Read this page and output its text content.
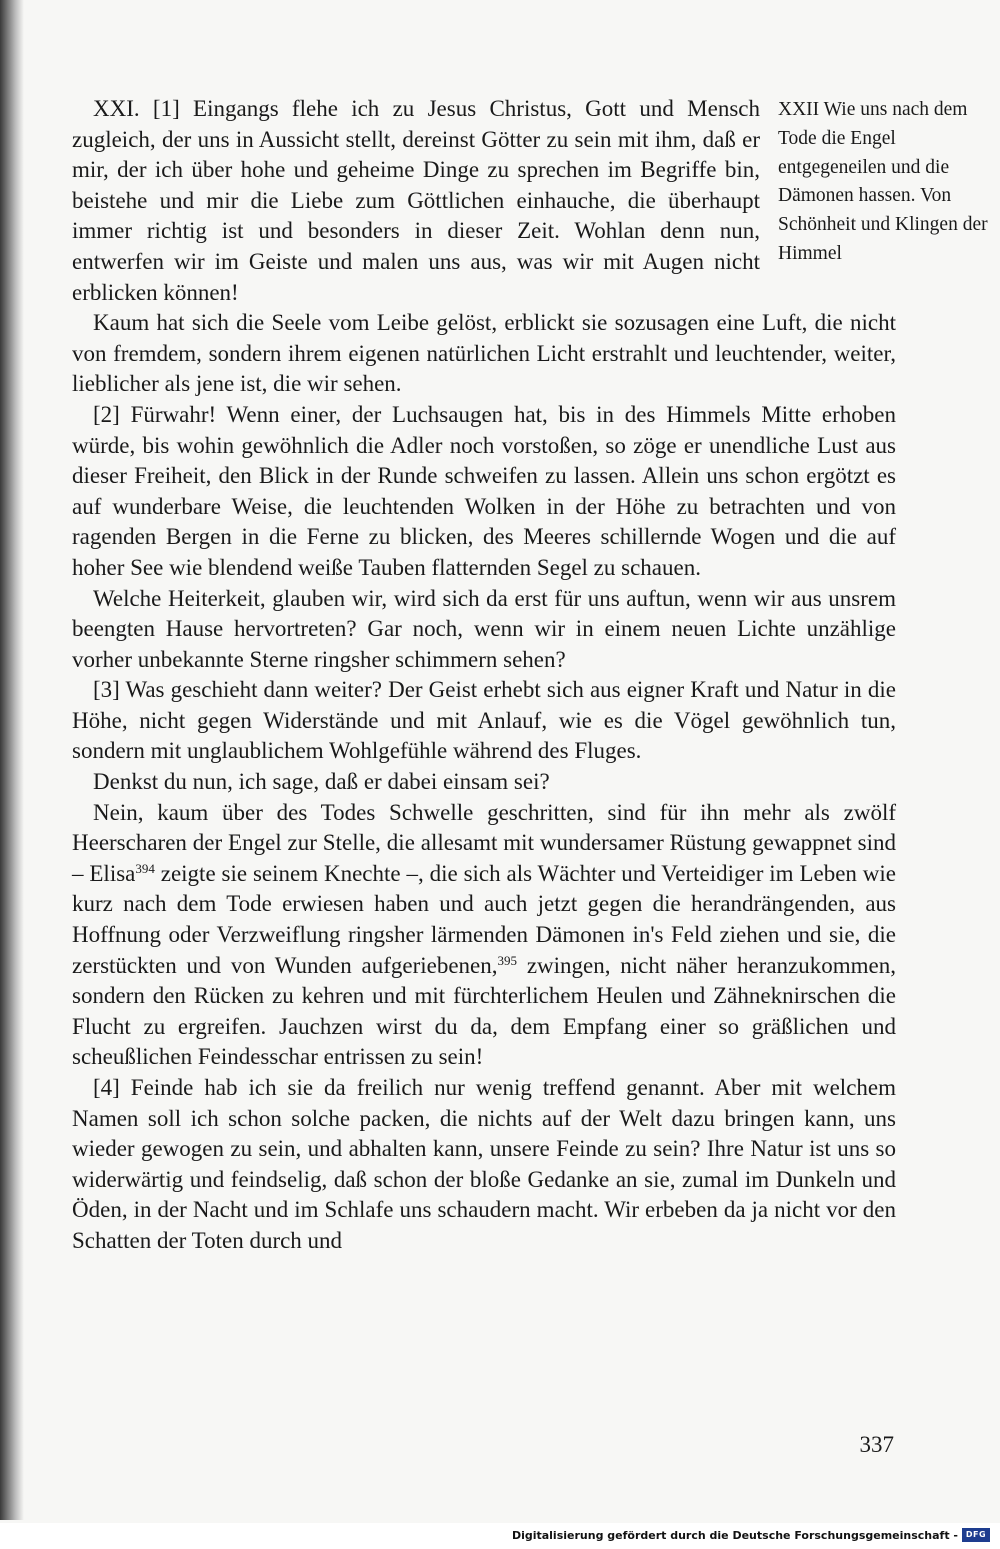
XXII Wie uns nach dem Tode die Engel entgegeneilen und die Dämonen hassen. Von Schönheit und Klingen der Himmel

XXI. [1] Eingangs flehe ich zu Jesus Christus, Gott und Mensch zugleich, der uns in Aussicht stellt, dereinst Götter zu sein mit ihm, daß er mir, der ich über hohe und geheime Dinge zu sprechen im Begriffe bin, beistehe und mir die Liebe zum Göttlichen einhauche, die überhaupt immer richtig ist und besonders in dieser Zeit. Wohlan denn nun, entwerfen wir im Geiste und malen uns aus, was wir mit Augen nicht erblicken können!

Kaum hat sich die Seele vom Leibe gelöst, erblickt sie sozusagen eine Luft, die nicht von fremdem, sondern ihrem eigenen natürlichen Licht erstrahlt und leuchtender, weiter, lieblicher als jene ist, die wir sehen.

[2] Fürwahr! Wenn einer, der Luchsaugen hat, bis in des Himmels Mitte erhoben würde, bis wohin gewöhnlich die Adler noch vorstoßen, so zöge er unendliche Lust aus dieser Freiheit, den Blick in der Runde schweifen zu lassen. Allein uns schon ergötzt es auf wunderbare Weise, die leuchtenden Wolken in der Höhe zu betrachten und von ragenden Bergen in die Ferne zu blicken, des Meeres schillernde Wogen und die auf hoher See wie blendend weiße Tauben flatternden Segel zu schauen.

Welche Heiterkeit, glauben wir, wird sich da erst für uns auftun, wenn wir aus unsrem beengten Hause hervortreten? Gar noch, wenn wir in einem neuen Lichte unzählige vorher unbekannte Sterne ringsher schimmern sehen?

[3] Was geschieht dann weiter? Der Geist erhebt sich aus eigner Kraft und Natur in die Höhe, nicht gegen Widerstände und mit Anlauf, wie es die Vögel gewöhnlich tun, sondern mit unglaublichem Wohlgefühle während des Fluges.

Denkst du nun, ich sage, daß er dabei einsam sei?

Nein, kaum über des Todes Schwelle geschritten, sind für ihn mehr als zwölf Heerscharen der Engel zur Stelle, die allesamt mit wundersamer Rüstung gewappnet sind – Elisa$^{394}$ zeigte sie seinem Knechte –, die sich als Wächter und Verteidiger im Leben wie kurz nach dem Tode erwiesen haben und auch jetzt gegen die herandrängenden, aus Hoffnung oder Verzweiflung ringsher lärmenden Dämonen in's Feld ziehen und sie, die zerstückten und von Wunden aufgeriebenen,$^{395}$ zwingen, nicht näher heranzukommen, sondern den Rücken zu kehren und mit fürchterlichem Heulen und Zähneknirschen die Flucht zu ergreifen. Jauchzen wirst du da, dem Empfang einer so gräßlichen und scheußlichen Feindesschar entrissen zu sein!

[4] Feinde hab ich sie da freilich nur wenig treffend genannt. Aber mit welchem Namen soll ich schon solche packen, die nichts auf der Welt dazu bringen kann, uns wieder gewogen zu sein, und abhalten kann, unsere Feinde zu sein? Ihre Natur ist uns so widerwärtig und feindselig, daß schon der bloße Gedanke an sie, zumal im Dunkeln und Öden, in der Nacht und im Schlafe uns schaudern macht. Wir erbeben da ja nicht vor den Schatten der Toten durch und

337
Digitalisierung gefördert durch die Deutsche Forschungsgemeinschaft - DFG
